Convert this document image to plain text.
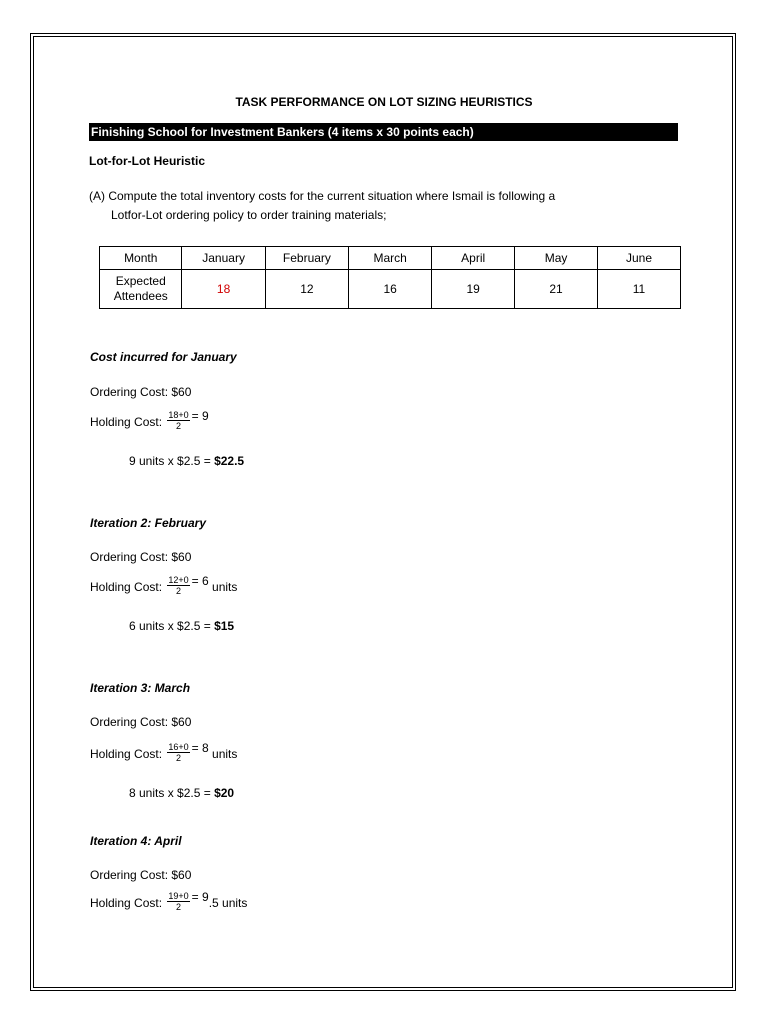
TASK PERFORMANCE ON LOT SIZING HEURISTICS
Finishing School for Investment Bankers (4 items x 30 points each)
Lot-for-Lot Heuristic
(A) Compute the total inventory costs for the current situation where Ismail is following a
Lotfor-Lot ordering policy to order training materials;
Month	January	February	March	April	May	June
Expected
Attendees	18	12	16	19	21	11
Cost incurred for January
Ordering Cost: $60
Holding Cost: $\frac{18+0}{2} = 9$
9 units x $2.5 = $22.5
Iteration 2: February
Ordering Cost: $60
Holding Cost: $\frac{12+0}{2} = 6$ units
6 units x $2.5 = $15
Iteration 3: March
Ordering Cost: $60
Holding Cost: $\frac{16+0}{2} = 8$ units
8 units x $2.5 = $20
Iteration 4: April
Ordering Cost: $60
Holding Cost: $\frac{19+0}{2} = 9.5$ units
